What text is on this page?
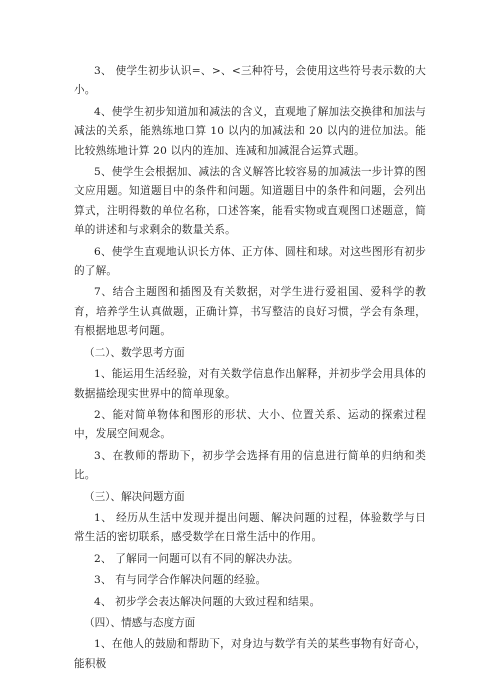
3、 使学生初步认识=、>、<三种符号，会使用这些符号表示数的大小。

4、使学生初步知道加和减法的含义，直观地了解加法交换律和加法与减法的关系，能熟练地口算 10 以内的加减法和 20 以内的进位加法。能比较熟练地计算 20 以内的连加、连减和加减混合运算式题。

5、使学生会根据加、减法的含义解答比较容易的加减法一步计算的图文应用题。知道题目中的条件和问题。知道题目中的条件和问题，会列出算式，注明得数的单位名称，口述答案，能看实物或直观图口述题意，简单的讲述和与求剩余的数量关系。

6、使学生直观地认识长方体、正方体、圆柱和球。对这些图形有初步的了解。

7、结合主题图和插图及有关数据，对学生进行爱祖国、爱科学的教育，培养学生认真做题，正确计算，书写整洁的良好习惯，学会有条理，有根据地思考问题。

（二）、数学思考方面

1、能运用生活经验，对有关数学信息作出解释，并初步学会用具体的数据描绘现实世界中的简单现象。

2、能对简单物体和图形的形状、大小、位置关系、运动的探索过程中，发展空间观念。

3、在教师的帮助下，初步学会选择有用的信息进行简单的归纳和类比。

（三）、解决问题方面

1、 经历从生活中发现并提出问题、解决问题的过程，体验数学与日常生活的密切联系，感受数学在日常生活中的作用。

2、 了解同一问题可以有不同的解决办法。

3、 有与同学合作解决问题的经验。

4、 初步学会表达解决问题的大致过程和结果。

（四）、情感与态度方面

1、在他人的鼓励和帮助下，对身边与数学有关的某些事物有好奇心，能积极
